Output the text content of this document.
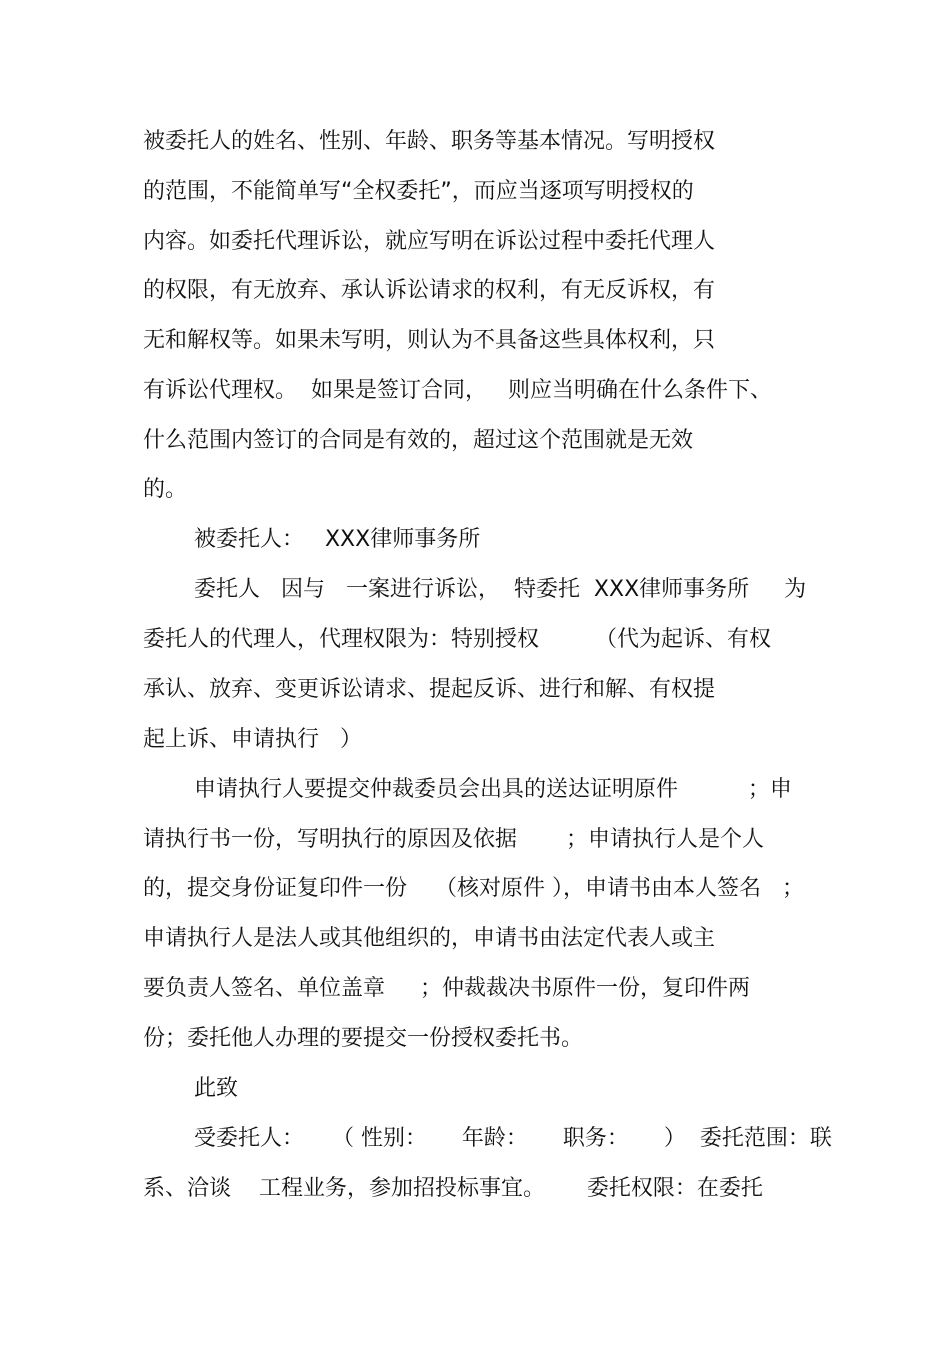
被委托人的姓名、性别、年龄、职务等基本情况。写明授权
的范围，不能简单写“全权委托”，而应当逐项写明授权的
内容。如委托代理诉讼，就应写明在诉讼过程中委托代理人
的权限，有无放弃、承认诉讼请求的权利，有无反诉权，有
无和解权等。如果未写明，则认为不具备这些具体权利，只
有诉讼代理权。  如果是签订合同，   则应当明确在什么条件下、
什么范围内签订的合同是有效的，超过这个范围就是无效
的。
被委托人：   XXX律师事务所
委托人   因与   一案进行诉讼，  特委托  XXX律师事务所     为
委托人的代理人，代理权限为：特别授权        （代为起诉、有权
承认、放弃、变更诉讼请求、提起反诉、进行和解、有权提
起上诉、申请执行   ）
申请执行人要提交仲裁委员会出具的送达证明原件          ；申
请执行书一份，写明执行的原因及依据       ；申请执行人是个人
的，提交身份证复印件一份    （核对原件 ），申请书由本人签名   ；
申请执行人是法人或其他组织的，申请书由法定代表人或主
要负责人签名、单位盖章     ；仲裁裁决书原件一份，复印件两
份；委托他人办理的要提交一份授权委托书。
此致
受委托人：    （ 性别：     年龄：     职务：     ）  委托范围：联
系、洽谈    工程业务，参加招投标事宜。      委托权限：在委托
